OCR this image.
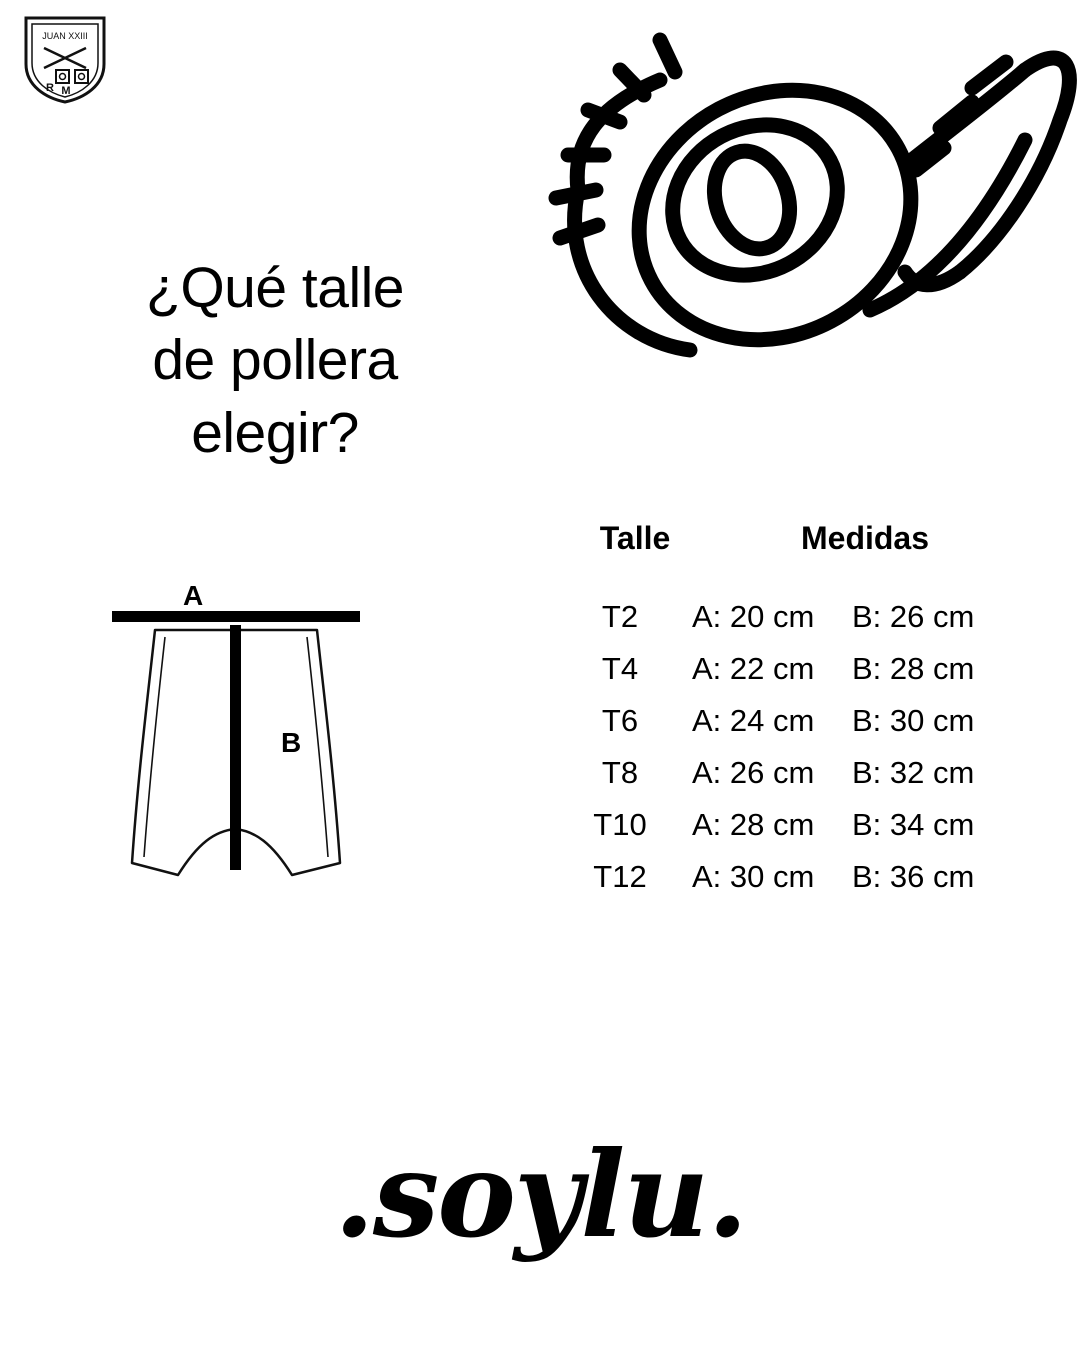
JUAN XXIII
R M
¿Qué talle
de pollera
elegir?
A
B
Talle	Medidas
T2	A: 20 cm	B: 26 cm
T4	A: 22 cm	B: 28 cm
T6	A: 24 cm	B: 30 cm
T8	A: 26 cm	B: 32 cm
T10	A: 28 cm	B: 34 cm
T12	A: 30 cm	B: 36 cm
.soylu.
